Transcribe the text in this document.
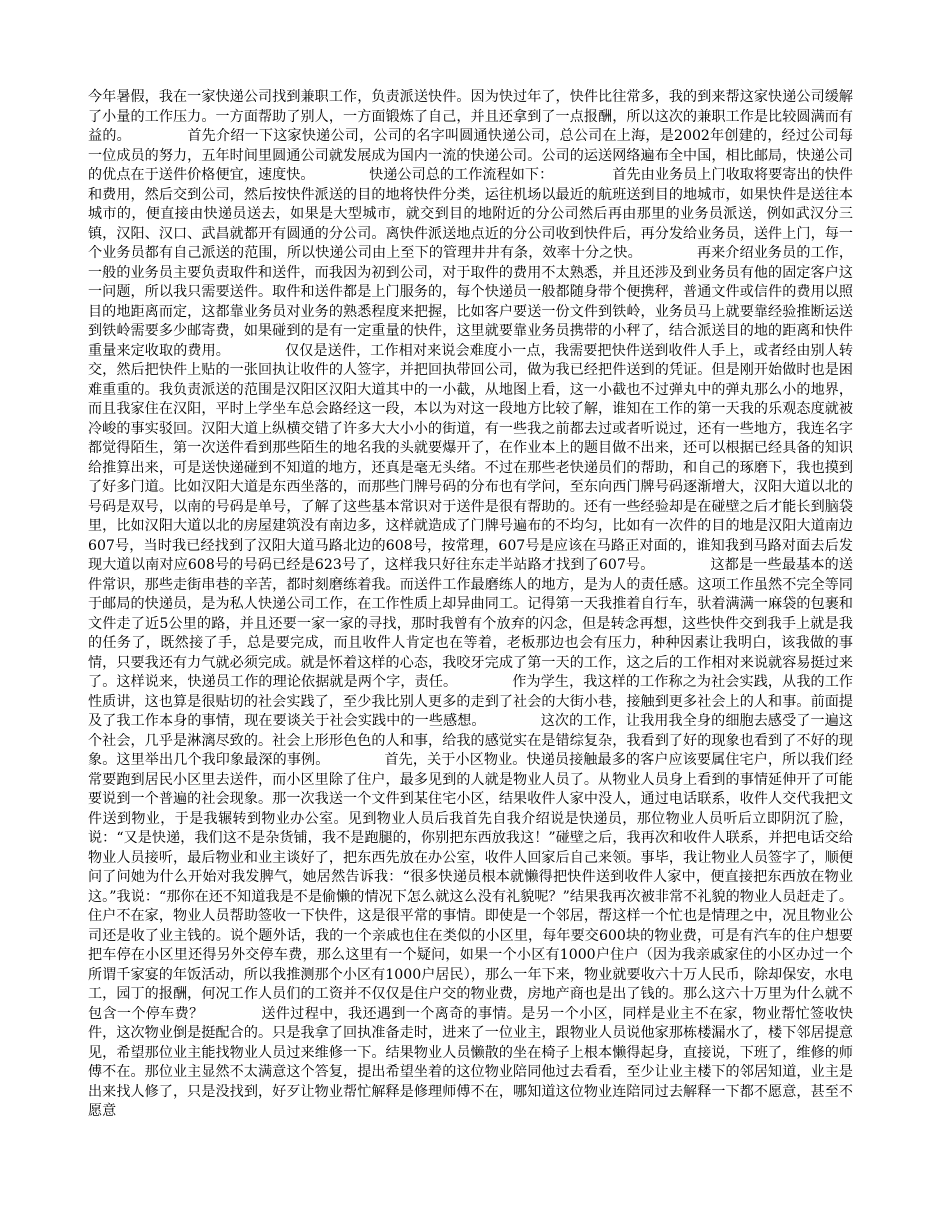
今年暑假，我在一家快递公司找到兼职工作，负责派送快件。因为快过年了，快件比往常多，我的到来帮这家快递公司缓解了小量的工作压力。一方面帮助了别人，一方面锻炼了自己，并且还拿到了一点报酬，所以这次的兼职工作是比较圆满而有益的。	首先介绍一下这家快递公司，公司的名字叫圆通快递公司，总公司在上海，是2002年创建的，经过公司每一位成员的努力，五年时间里圆通公司就发展成为国内一流的快递公司。公司的运送网络遍布全中国，相比邮局，快递公司的优点在于送件价格便宜，速度快。	快递公司总的工作流程如下：	首先由业务员上门收取将要寄出的快件和费用，然后交到公司，然后按快件派送的目的地将快件分类，运往机场以最近的航班送到目的地城市，如果快件是送往本城市的，便直接由快递员送去，如果是大型城市，就交到目的地附近的分公司然后再由那里的业务员派送，例如武汉分三镇，汉阳、汉口、武昌就都开有圆通的分公司。离快件派送地点近的分公司收到快件后，再分发给业务员，送件上门，每一个业务员都有自己派送的范围，所以快递公司由上至下的管理井井有条，效率十分之快。	再来介绍业务员的工作，一般的业务员主要负责取件和送件，而我因为初到公司，对于取件的费用不太熟悉，并且还涉及到业务员有他的固定客户这一问题，所以我只需要送件。取件和送件都是上门服务的，每个快递员一般都随身带个便携秤，普通文件或信件的费用以照目的地距离而定，这都靠业务员对业务的熟悉程度来把握，比如客户要送一份文件到铁岭，业务员马上就要靠经验推断运送到铁岭需要多少邮寄费，如果碰到的是有一定重量的快件，这里就要靠业务员携带的小秤了，结合派送目的地的距离和快件重量来定收取的费用。	仅仅是送件，工作相对来说会难度小一点，我需要把快件送到收件人手上，或者经由别人转交，然后把快件上贴的一张回执让收件的人签字，并把回执带回公司，做为我已经把件送到的凭证。但是刚开始做时也是困难重重的。我负责派送的范围是汉阳区汉阳大道其中的一小截，从地图上看，这一小截也不过弹丸中的弹丸那么小的地界，而且我家住在汉阳，平时上学坐车总会路经这一段，本以为对这一段地方比较了解，谁知在工作的第一天我的乐观态度就被冷峻的事实驳回。汉阳大道上纵横交错了许多大大小小的街道，有一些我之前都去过或者听说过，还有一些地方，我连名字都觉得陌生，第一次送件看到那些陌生的地名我的头就要爆开了，在作业本上的题目做不出来，还可以根据已经具备的知识给推算出来，可是送快递碰到不知道的地方，还真是毫无头绪。不过在那些老快递员们的帮助，和自己的琢磨下，我也摸到了好多门道。比如汉阳大道是东西坐落的，而那些门牌号码的分布也有学问，至东向西门牌号码逐渐增大，汉阳大道以北的号码是双号，以南的号码是单号，了解了这些基本常识对于送件是很有帮助的。还有一些经验却是在碰壁之后才能长到脑袋里，比如汉阳大道以北的房屋建筑没有南边多，这样就造成了门牌号遍布的不均匀，比如有一次件的目的地是汉阳大道南边607号，当时我已经找到了汉阳大道马路北边的608号，按常理，607号是应该在马路正对面的，谁知我到马路对面去后发现大道以南对应608号的号码已经是623号了，这样我只好往东走半站路才找到了607号。	这都是一些最基本的送件常识，那些走街串巷的辛苦，都时刻磨练着我。而送件工作最磨练人的地方，是为人的责任感。这项工作虽然不完全等同于邮局的快递员，是为私人快递公司工作，在工作性质上却异曲同工。记得第一天我推着自行车，驮着满满一麻袋的包裹和文件走了近5公里的路，并且还要一家一家的寻找，那时我曾有个放弃的闪念，但是转念再想，这些快件交到我手上就是我的任务了，既然接了手，总是要完成，而且收件人肯定也在等着，老板那边也会有压力，种种因素让我明白，该我做的事情，只要我还有力气就必须完成。就是怀着这样的心态，我咬牙完成了第一天的工作，这之后的工作相对来说就容易挺过来了。这样说来，快递员工作的理论依据就是两个字，责任。	作为学生，我这样的工作称之为社会实践，从我的工作性质讲，这也算是很贴切的社会实践了，至少我比别人更多的走到了社会的大街小巷，接触到更多社会上的人和事。前面提及了我工作本身的事情，现在要谈关于社会实践中的一些感想。	这次的工作，让我用我全身的细胞去感受了一遍这个社会，几乎是淋漓尽致的。社会上形形色色的人和事，给我的感觉实在是错综复杂，我看到了好的现象也看到了不好的现象。这里举出几个我印象最深的事例。	首先，关于小区物业。快递员接触最多的客户应该要属住宅户，所以我们经常要跑到居民小区里去送件，而小区里除了住户，最多见到的人就是物业人员了。从物业人员身上看到的事情延伸开了可能要说到一个普遍的社会现象。那一次我送一个文件到某住宅小区，结果收件人家中没人，通过电话联系，收件人交代我把文件送到物业，于是我辗转到物业办公室。见到物业人员后我首先自我介绍说是快递员，那位物业人员听后立即阴沉了脸，说：“又是快递，我们这不是杂货铺，我不是跑腿的，你别把东西放我这！”碰壁之后，我再次和收件人联系，并把电话交给物业人员接听，最后物业和业主谈好了，把东西先放在办公室，收件人回家后自己来领。事毕，我让物业人员签字了，顺便问了问她为什么开始对我发脾气，她居然告诉我：“很多快递员根本就懒得把快件送到收件人家中，便直接把东西放在物业这。”我说：“那你在还不知道我是不是偷懒的情况下怎么就这么没有礼貌呢？”结果我再次被非常不礼貌的物业人员赶走了。            住户不在家，物业人员帮助签收一下快件，这是很平常的事情。即使是一个邻居，帮这样一个忙也是情理之中，况且物业公司还是收了业主钱的。说个题外话，我的一个亲戚也住在类似的小区里，每年要交600块的物业费，可是有汽车的住户想要把车停在小区里还得另外交停车费，那么这里有一个疑问，如果一个小区有1000户住户（因为我亲戚家住的小区办过一个所谓千家宴的年饭活动，所以我推测那个小区有1000户居民），那么一年下来，物业就要收六十万人民币，除却保安，水电工，园丁的报酬，何况工作人员们的工资并不仅仅是住户交的物业费，房地产商也是出了钱的。那么这六十万里为什么就不包含一个停车费？	送件过程中，我还遇到一个离奇的事情。是另一个小区，同样是业主不在家，物业帮忙签收快件，这次物业倒是挺配合的。只是我拿了回执准备走时，进来了一位业主，跟物业人员说他家那栋楼漏水了，楼下邻居提意见，希望那位业主能找物业人员过来维修一下。结果物业人员懒散的坐在椅子上根本懒得起身，直接说，下班了，维修的师傅不在。那位业主显然不太满意这个答复，提出希望坐着的这位物业陪同他过去看看，至少让业主楼下的邻居知道，业主是出来找人修了，只是没找到，好歹让物业帮忙解释是修理师傅不在，哪知道这位物业连陪同过去解释一下都不愿意，甚至不愿意
